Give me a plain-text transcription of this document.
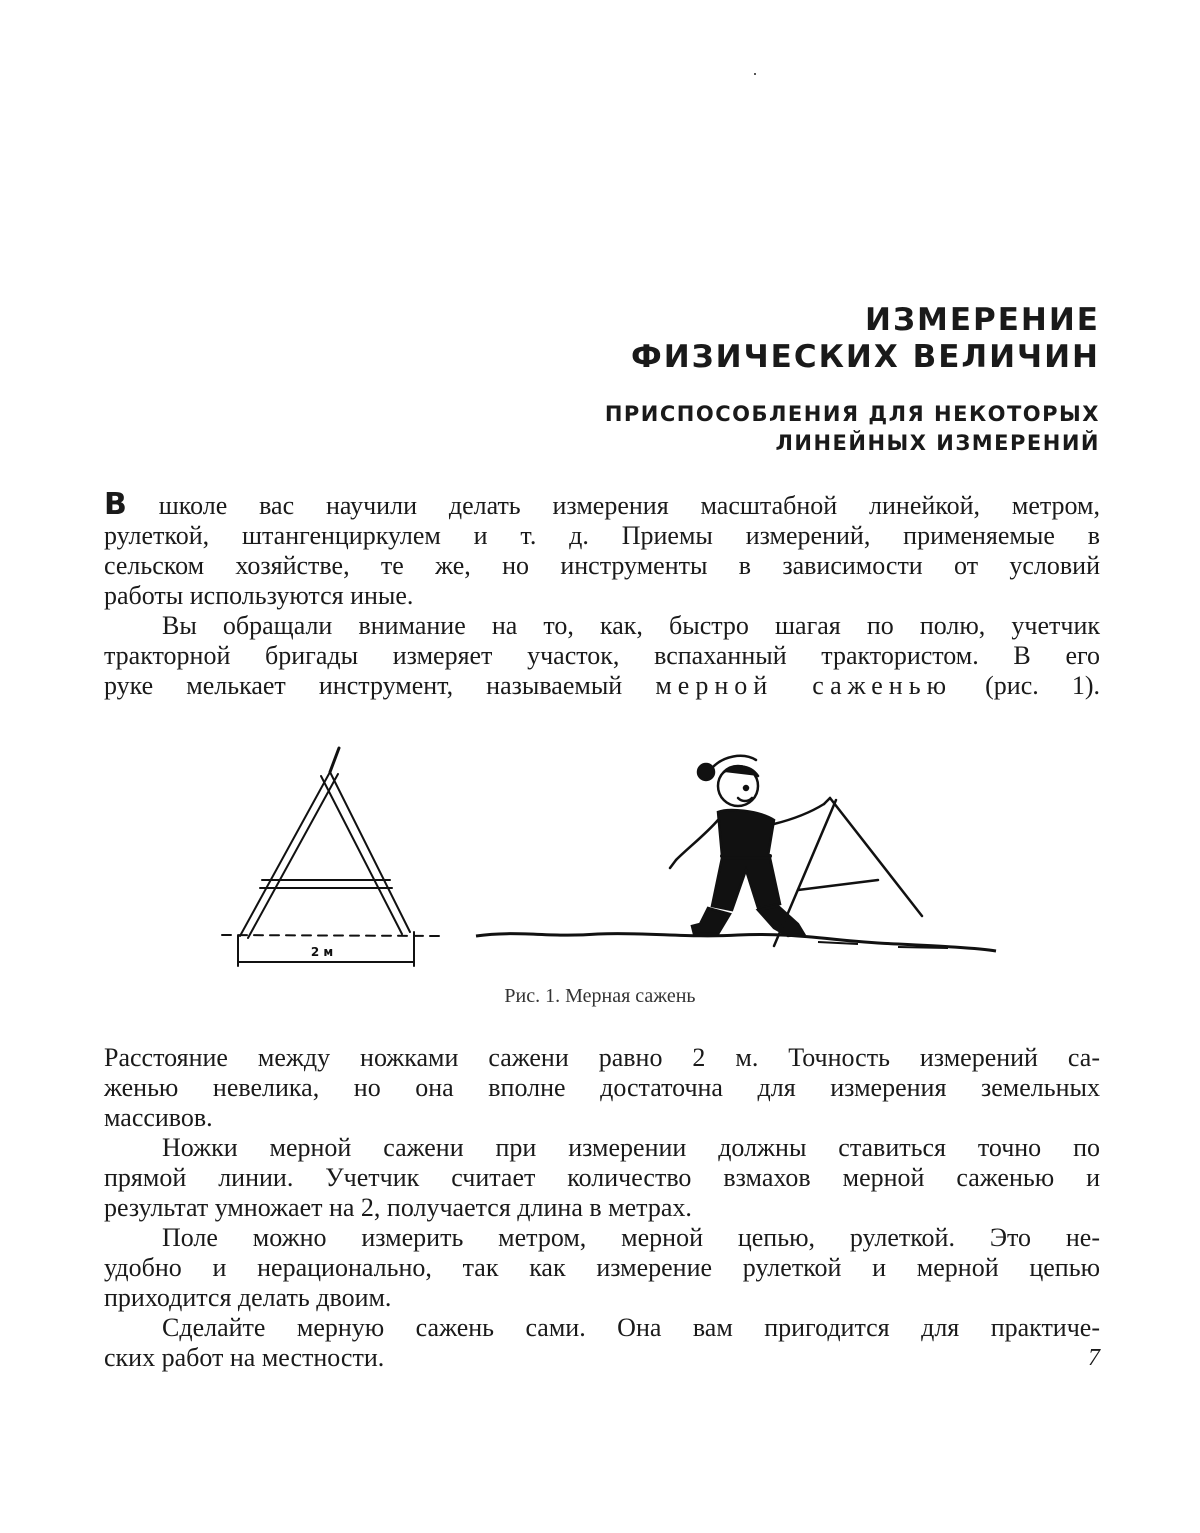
ИЗМЕРЕНИЕ
ФИЗИЧЕСКИХ ВЕЛИЧИН
ПРИСПОСОБЛЕНИЯ ДЛЯ НЕКОТОРЫХ
ЛИНЕЙНЫХ ИЗМЕРЕНИЙ

В школе вас научили делать измерения масштабной линейкой, метром,

рулеткой, штангенциркулем и т. д. Приемы измерений, применяемые в

сельском хозяйстве, те же, но инструменты в зависимости от условий

работы используются иные.

Вы обращали внимание на то, как, быстро шагая по полю, учетчик

тракторной бригады измеряет участок, вспаханный трактористом. В его

руке мелькает инструмент, называемый мерной саженью (рис. 1).

2 м
Рис. 1. Мерная сажень

Расстояние между ножками сажени равно 2 м. Точность измерений са-

женью невелика, но она вполне достаточна для измерения земельных

массивов.

Ножки мерной сажени при измерении должны ставиться точно по

прямой линии. Учетчик считает количество взмахов мерной саженью и

результат умножает на 2, получается длина в метрах.

Поле можно измерить метром, мерной цепью, рулеткой. Это не-

удобно и нерационально, так как измерение рулеткой и мерной цепью

приходится делать двоим.

Сделайте мерную сажень сами. Она вам пригодится для практиче-

ских работ на местности.	7
